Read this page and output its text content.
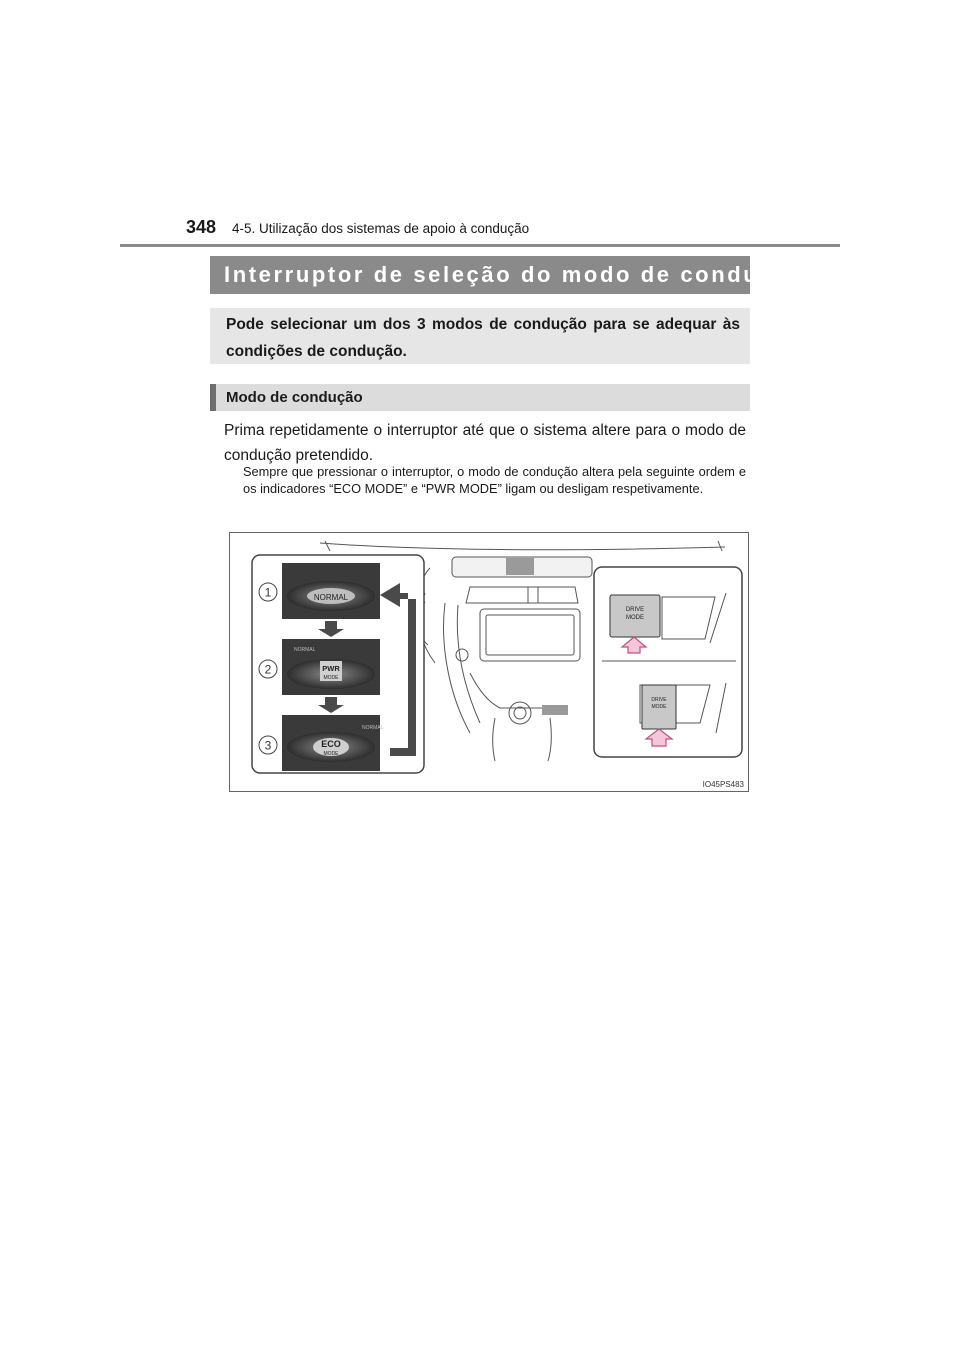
348 4-5. Utilização dos sistemas de apoio à condução
Interruptor de seleção do modo de condução
Pode selecionar um dos 3 modos de condução para se adequar às condições de condução.
Modo de condução
Prima repetidamente o interruptor até que o sistema altere para o modo de condução pretendido.
Sempre que pressionar o interruptor, o modo de condução altera pela seguinte ordem e os indicadores “ECO MODE” e “PWR MODE” ligam ou desligam respetivamente.
NORMAL
NORMAL
PWR
MODE
NORMAL
ECO
MODE
1
2
3
DRIVE
MODE
DRIVE
MODE
IO45PS483
